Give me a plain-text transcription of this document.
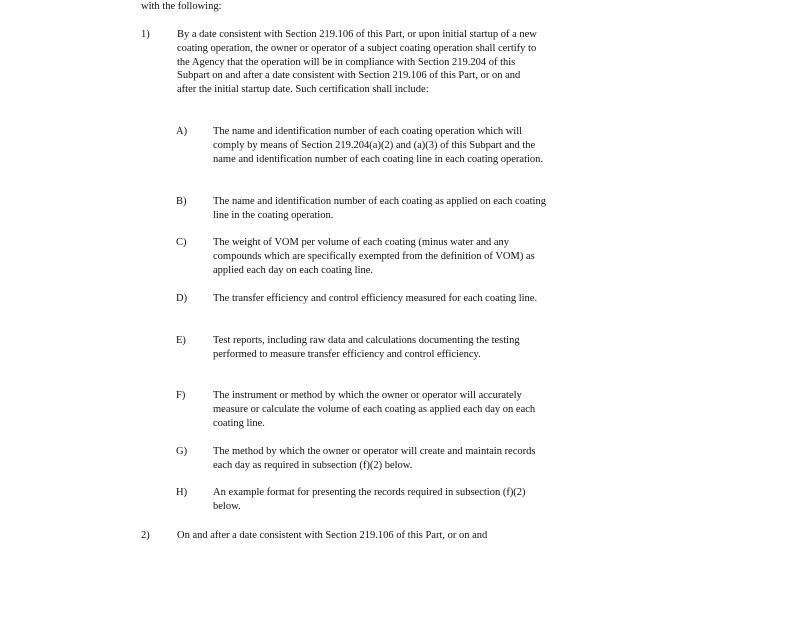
with the following:
1)	By a date consistent with Section 219.106 of this Part, or upon initial startup of a new coating operation, the owner or operator of a subject coating operation shall certify to the Agency that the operation will be in compliance with Section 219.204 of this Subpart on and after a date consistent with Section 219.106 of this Part, or on and after the initial startup date. Such certification shall include:
A) The name and identification number of each coating operation which will comply by means of Section 219.204(a)(2) and (a)(3) of this Subpart and the name and identification number of each coating line in each coating operation.
B)	The name and identification number of each coating as applied on each coating line in the coating operation.
C)	The weight of VOM per volume of each coating (minus water and any compounds which are specifically exempted from the definition of VOM) as applied each day on each coating line.
D) The transfer efficiency and control efficiency measured for each coating line.
E)	Test reports, including raw data and calculations documenting the testing performed to measure transfer efficiency and control efficiency.
F)	The instrument or method by which the owner or operator will accurately measure or calculate the volume of each coating as applied each day on each coating line.
G) The method by which the owner or operator will create and maintain records each day as required in subsection (f)(2) below.
H) An example format for presenting the records required in subsection (f)(2) below.
2)	On and after a date consistent with Section 219.106 of this Part, or on and
